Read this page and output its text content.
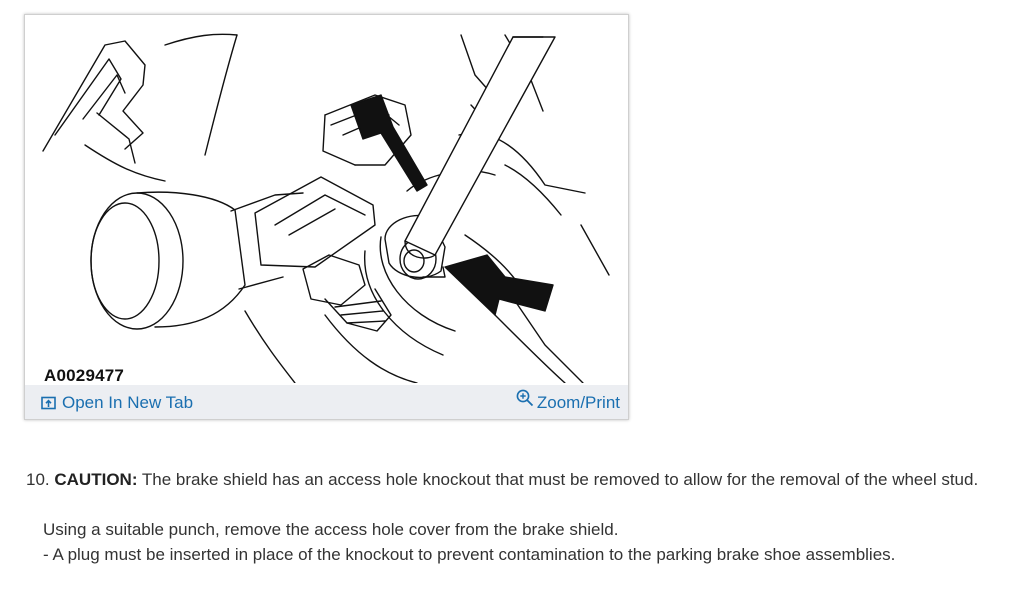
A0029477
Open In New Tab	Zoom/Print
10. CAUTION: The brake shield has an access hole knockout that must be removed to allow for the removal of the wheel stud.
Using a suitable punch, remove the access hole cover from the brake shield.
- A plug must be inserted in place of the knockout to prevent contamination to the parking brake shoe assemblies.
